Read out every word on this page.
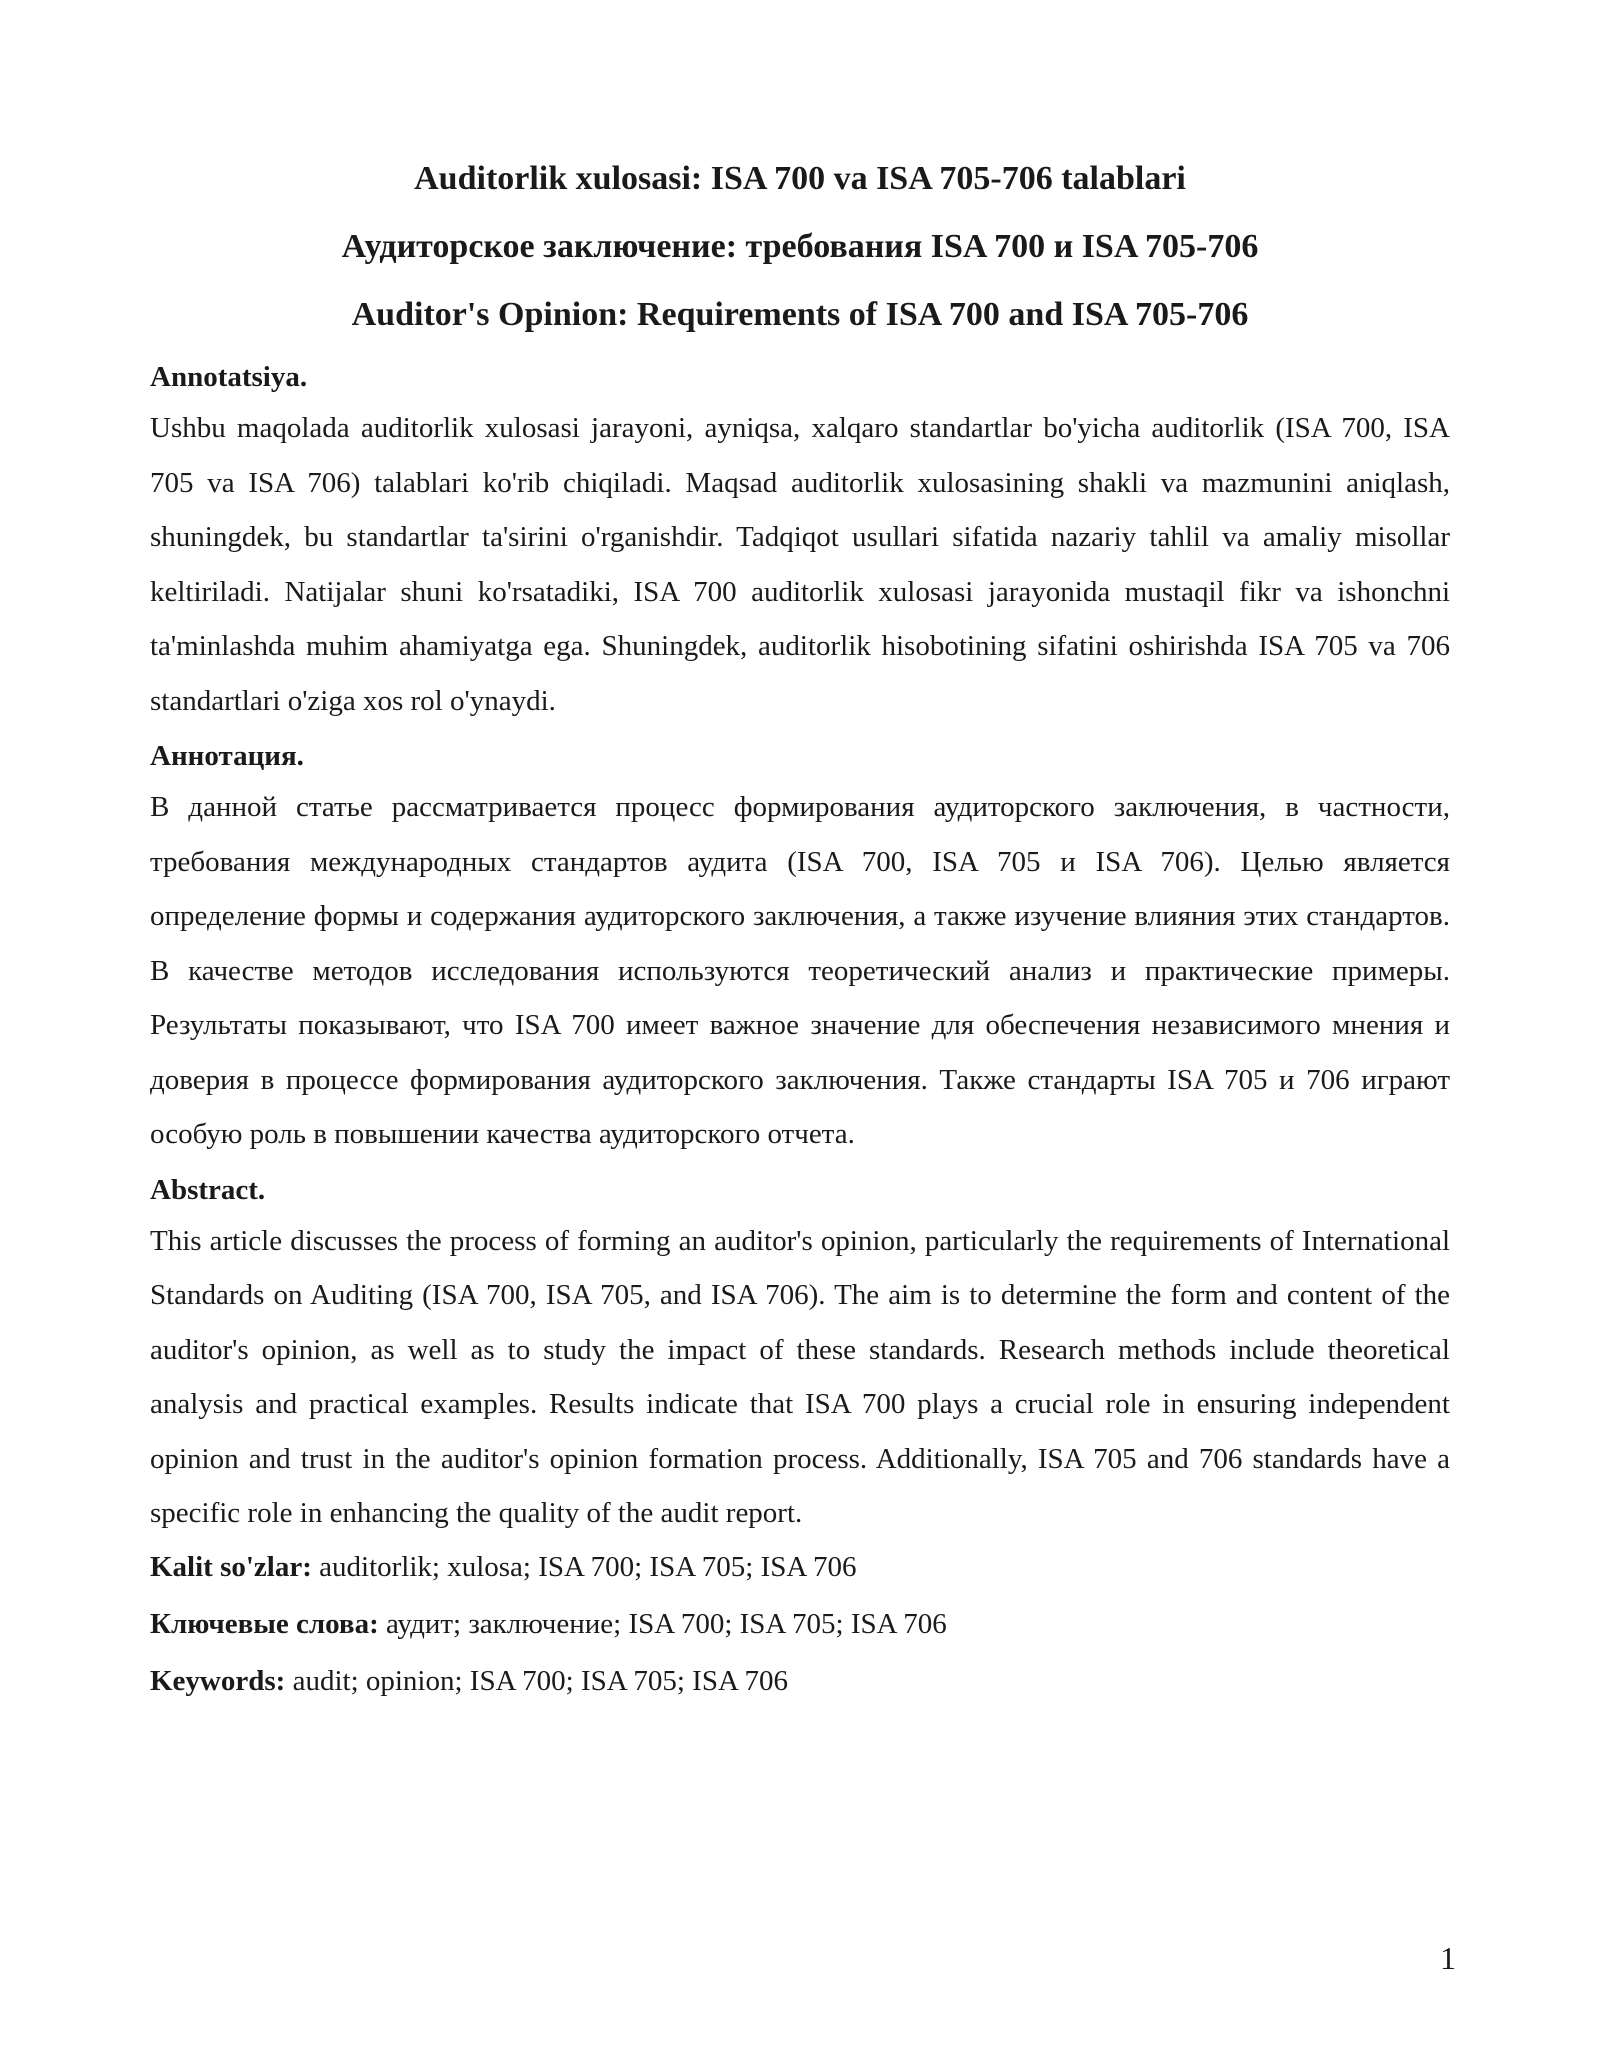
Auditorlik xulosasi: ISA 700 va ISA 705-706 talablari
Аудиторское заключение: требования ISA 700 и ISA 705-706
Auditor's Opinion: Requirements of ISA 700 and ISA 705-706
Annotatsiya.

Ushbu maqolada auditorlik xulosasi jarayoni, ayniqsa, xalqaro standartlar bo'yicha auditorlik (ISA 700, ISA 705 va ISA 706) talablari ko'rib chiqiladi. Maqsad auditorlik xulosasining shakli va mazmunini aniqlash, shuningdek, bu standartlar ta'sirini o'rganishdir. Tadqiqot usullari sifatida nazariy tahlil va amaliy misollar keltiriladi. Natijalar shuni ko'rsatadiki, ISA 700 auditorlik xulosasi jarayonida mustaqil fikr va ishonchni ta'minlashda muhim ahamiyatga ega. Shuningdek, auditorlik hisobotining sifatini oshirishda ISA 705 va 706 standartlari o'ziga xos rol o'ynaydi.

Аннотация.

В данной статье рассматривается процесс формирования аудиторского заключения, в частности, требования международных стандартов аудита (ISA 700, ISA 705 и ISA 706). Целью является определение формы и содержания аудиторского заключения, а также изучение влияния этих стандартов. В качестве методов исследования используются теоретический анализ и практические примеры. Результаты показывают, что ISA 700 имеет важное значение для обеспечения независимого мнения и доверия в процессе формирования аудиторского заключения. Также стандарты ISA 705 и 706 играют особую роль в повышении качества аудиторского отчета.

Abstract.

This article discusses the process of forming an auditor's opinion, particularly the requirements of International Standards on Auditing (ISA 700, ISA 705, and ISA 706). The aim is to determine the form and content of the auditor's opinion, as well as to study the impact of these standards. Research methods include theoretical analysis and practical examples. Results indicate that ISA 700 plays a crucial role in ensuring independent opinion and trust in the auditor's opinion formation process. Additionally, ISA 705 and 706 standards have a specific role in enhancing the quality of the audit report.

Kalit so'zlar: auditorlik; xulosa; ISA 700; ISA 705; ISA 706
Ключевые слова: аудит; заключение; ISA 700; ISA 705; ISA 706
Keywords: audit; opinion; ISA 700; ISA 705; ISA 706
1
